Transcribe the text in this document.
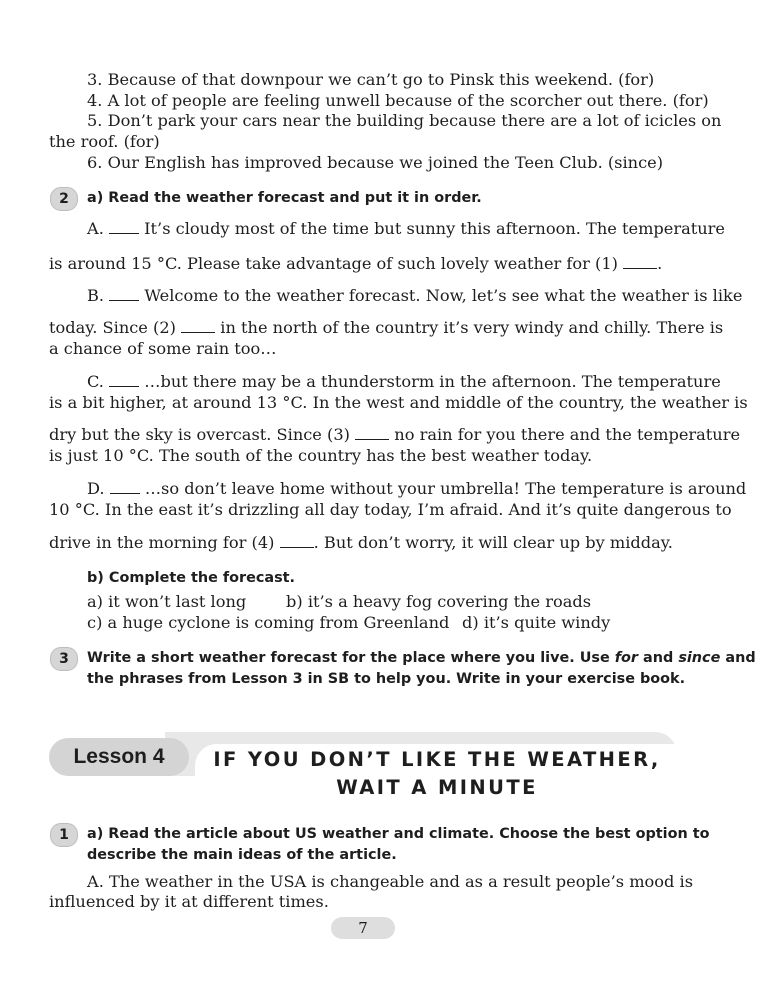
3. Because of that downpour we can’t go to Pinsk this weekend. (for)
4. A lot of people are feeling unwell because of the scorcher out there. (for)
5. Don’t park your cars near the building because there are a lot of icicles on
the roof. (for)
6. Our English has improved because we joined the Teen Club. (since)
2	a) Read the weather forecast and put it in order.
A. It’s cloudy most of the time but sunny this afternoon. The temperature
is around 15 °C. Please take advantage of such lovely weather for (1) .
B. Welcome to the weather forecast. Now, let’s see what the weather is like
today. Since (2)	in the north of the country it’s very windy and chilly. There is
a chance of some rain too…
C. …but there may be a thunderstorm in the afternoon. The temperature
is a bit higher, at around 13 °C. In the west and middle of the country, the weather is
dry but the sky is overcast. Since (3)	no rain for you there and the temperature
is just 10 °C. The south of the country has the best weather today.
D. …so don’t leave home without your umbrella! The temperature is around
10 °C. In the east it’s drizzling all day today, I’m afraid. And it’s quite dangerous to
drive in the morning for (4) . But don’t worry, it will clear up by midday.
b) Complete the forecast.
a) it won’t last long b) it’s a heavy fog covering the roads
c) a huge cyclone is coming from Greenland d) it’s quite windy
3	Write a short weather forecast for the place where you live. Use for and since and
the phrases from Lesson 3 in SB to help you. Write in your exercise book.
Lesson 4	IF YOU DON’T LIKE THE WEATHER,
WAIT A MINUTE
1	a) Read the article about US weather and climate. Choose the best option to
describe the main ideas of the article.
A. The weather in the USA is changeable and as a result people’s mood is
influenced by it at different times.
7
